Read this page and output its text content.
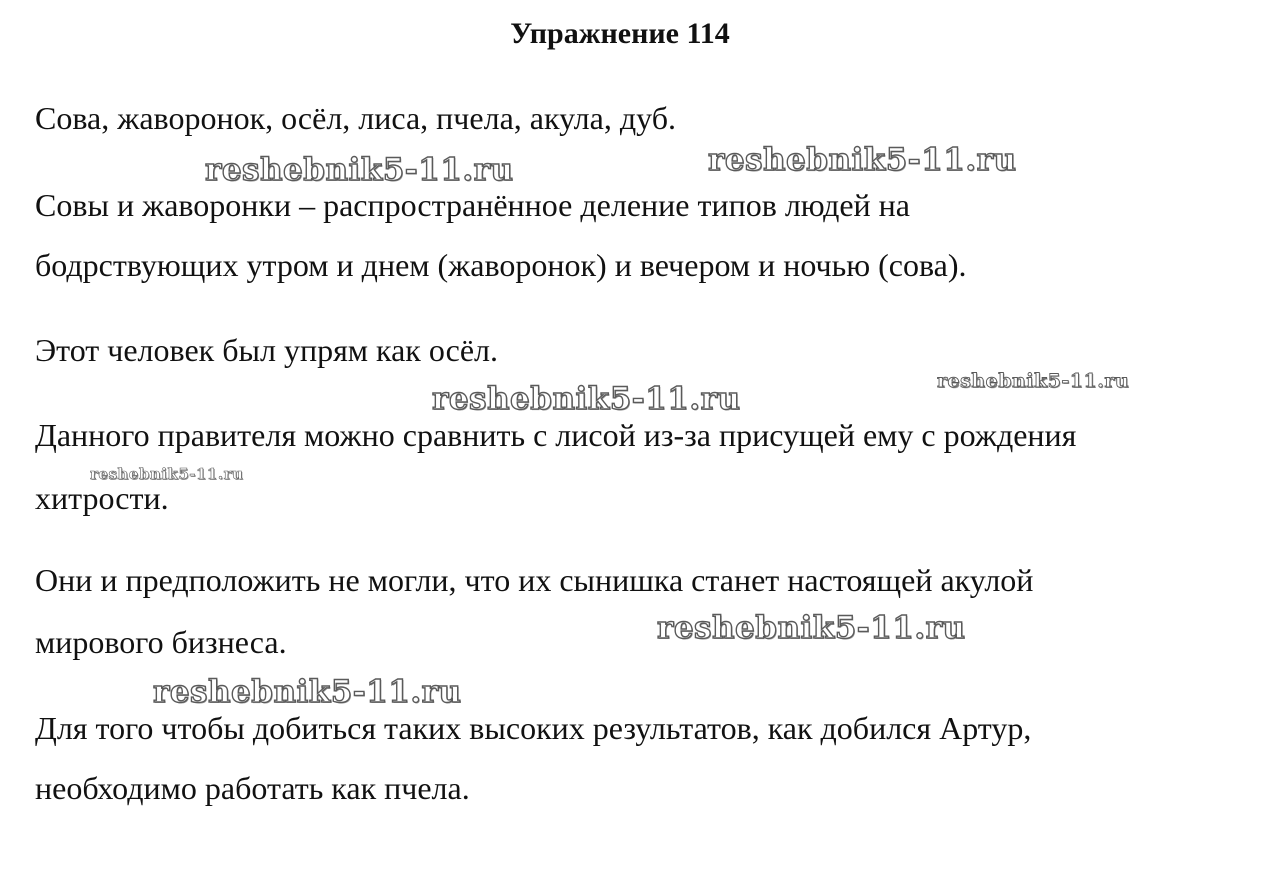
Упражнение 114
Сова, жаворонок, осёл, лиса, пчела, акула, дуб.
Совы и жаворонки – распространённое деление типов людей на
бодрствующих утром и днем (жаворонок) и вечером и ночью (сова).
Этот человек был упрям как осёл.
Данного правителя можно сравнить с лисой из-за присущей ему с рождения
хитрости.
Они и предположить не могли, что их сынишка станет настоящей акулой
мирового бизнеса.
Для того чтобы добиться таких высоких результатов, как добился Артур,
необходимо работать как пчела.
reshebnik5-11.ru	reshebnik5-11.ru
reshebnik5-11.ru	reshebnik5-11.ru
reshebnik5-11.ru
reshebnik5-11.ru
reshebnik5-11.ru
